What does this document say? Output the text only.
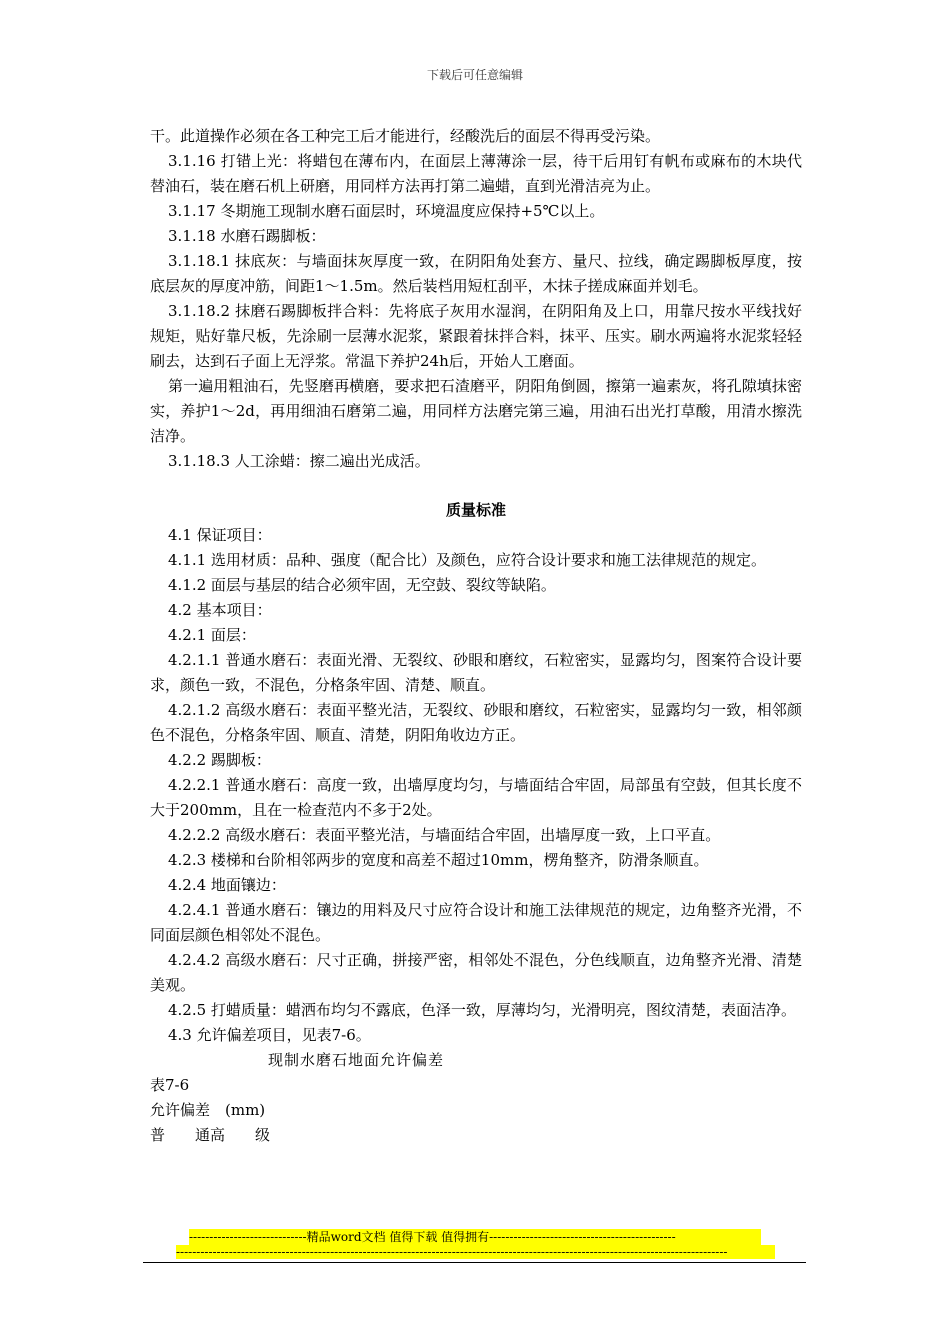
下载后可任意编辑

干。此道操作必须在各工种完工后才能进行，经酸洗后的面层不得再受污染。

3.1.16 打错上光：将蜡包在薄布内，在面层上薄薄涂一层，待干后用钉有帆布或麻布的木块代替油石，装在磨石机上研磨，用同样方法再打第二遍蜡，直到光滑洁亮为止。

3.1.17 冬期施工现制水磨石面层时，环境温度应保持+5℃以上。

3.1.18 水磨石踢脚板：

3.1.18.1 抹底灰：与墙面抹灰厚度一致，在阴阳角处套方、量尺、拉线，确定踢脚板厚度，按底层灰的厚度冲筋，间距1～1.5m。然后装档用短杠刮平，木抹子搓成麻面并划毛。

3.1.18.2 抹磨石踢脚板拌合料：先将底子灰用水湿润，在阴阳角及上口，用靠尺按水平线找好规矩，贴好靠尺板，先涂刷一层薄水泥浆，紧跟着抹拌合料，抹平、压实。刷水两遍将水泥浆轻轻刷去，达到石子面上无浮浆。常温下养护24h后，开始人工磨面。

第一遍用粗油石，先竖磨再横磨，要求把石渣磨平，阴阳角倒圆，擦第一遍素灰，将孔隙填抹密实，养护1～2d，再用细油石磨第二遍，用同样方法磨完第三遍，用油石出光打草酸，用清水擦洗洁净。

3.1.18.3 人工涂蜡：擦二遍出光成活。

质量标准

4.1 保证项目：

4.1.1 选用材质：品种、强度（配合比）及颜色，应符合设计要求和施工法律规范的规定。

4.1.2 面层与基层的结合必须牢固，无空鼓、裂纹等缺陷。

4.2 基本项目：

4.2.1 面层：

4.2.1.1 普通水磨石：表面光滑、无裂纹、砂眼和磨纹，石粒密实，显露均匀，图案符合设计要求，颜色一致，不混色，分格条牢固、清楚、顺直。

4.2.1.2 高级水磨石：表面平整光洁，无裂纹、砂眼和磨纹，石粒密实，显露均匀一致，相邻颜色不混色，分格条牢固、顺直、清楚，阴阳角收边方正。

4.2.2 踢脚板：

4.2.2.1 普通水磨石：高度一致，出墙厚度均匀，与墙面结合牢固，局部虽有空鼓，但其长度不大于200mm，且在一检查范内不多于2处。

4.2.2.2 高级水磨石：表面平整光洁，与墙面结合牢固，出墙厚度一致，上口平直。

4.2.3 楼梯和台阶相邻两步的宽度和高差不超过10mm，楞角整齐，防滑条顺直。

4.2.4 地面镶边：

4.2.4.1 普通水磨石：镶边的用料及尺寸应符合设计和施工法律规范的规定，边角整齐光滑，不同面层颜色相邻处不混色。

4.2.4.2 高级水磨石：尺寸正确，拼接严密，相邻处不混色，分色线顺直，边角整齐光滑、清楚美观。

4.2.5 打蜡质量：蜡洒布均匀不露底，色泽一致，厚薄均匀，光滑明亮，图纹清楚，表面洁净。

4.3 允许偏差项目，见表7-6。

现制水磨石地面允许偏差

表7-6

允许偏差　(mm)

普　　通高　　级

-----------------------------精品word文档 值得下载 值得拥有----------------------------------------------
----------------------------------------------------------------------------------------------------------------------------------------
